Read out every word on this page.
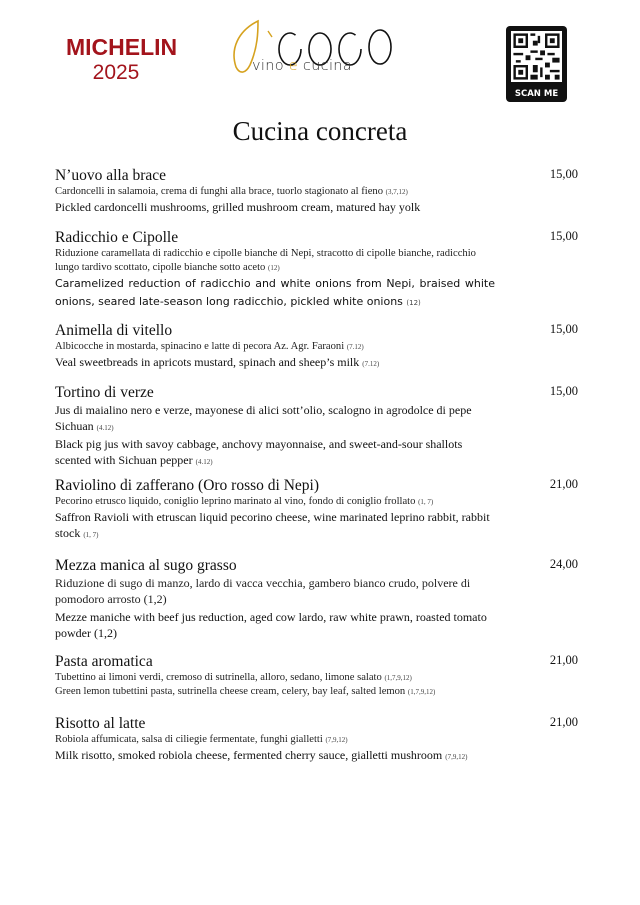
MICHELIN
2025	vino e cucina
SCAN ME
Cucina concreta
N’uovo alla brace	15,00
Cardoncelli in salamoia, crema di funghi alla brace, tuorlo stagionato al fieno (3,7,12)
Pickled cardoncelli mushrooms, grilled mushroom cream, matured hay yolk
Radicchio e Cipolle	15,00
Riduzione caramellata di radicchio e cipolle bianche di Nepi, stracotto di cipolle bianche, radicchio lungo tardivo scottato, cipolle bianche sotto aceto (12)
Caramelized reduction of radicchio and white onions from Nepi, braised white onions, seared late-season long radicchio, pickled white onions (12)
Animella di vitello	15,00
Albicocche in mostarda, spinacino e latte di pecora Az. Agr. Faraoni (7.12)
Veal sweetbreads in apricots mustard, spinach and sheep’s milk (7.12)
Tortino di verze	15,00
Jus di maialino nero e verze, mayonese di alici sott’olio, scalogno in agrodolce di pepe Sichuan (4.12)
Black pig jus with savoy cabbage, anchovy mayonnaise, and sweet-and-sour shallots scented with Sichuan pepper (4.12)
Raviolino di zafferano (Oro rosso di Nepi)	21,00
Pecorino etrusco liquido, coniglio leprino marinato al vino, fondo di coniglio frollato (1, 7)
Saffron Ravioli with etruscan liquid pecorino cheese, wine marinated leprino rabbit, rabbit stock (1, 7)
Mezza manica al sugo grasso	24,00
Riduzione di sugo di manzo, lardo di vacca vecchia, gambero bianco crudo, polvere di pomodoro arrosto (1,2)
Mezze maniche with beef jus reduction, aged cow lardo, raw white prawn, roasted tomato powder (1,2)
Pasta aromatica	21,00
Tubettino ai limoni verdi, cremoso di sutrinella, alloro, sedano, limone salato (1,7,9,12)
Green lemon tubettini pasta, sutrinella cheese cream, celery, bay leaf, salted lemon (1,7,9,12)
Risotto al latte	21,00
Robiola affumicata, salsa di ciliegie fermentate, funghi gialletti (7,9,12)
Milk risotto, smoked robiola cheese, fermented cherry sauce, gialletti mushroom (7,9,12)
